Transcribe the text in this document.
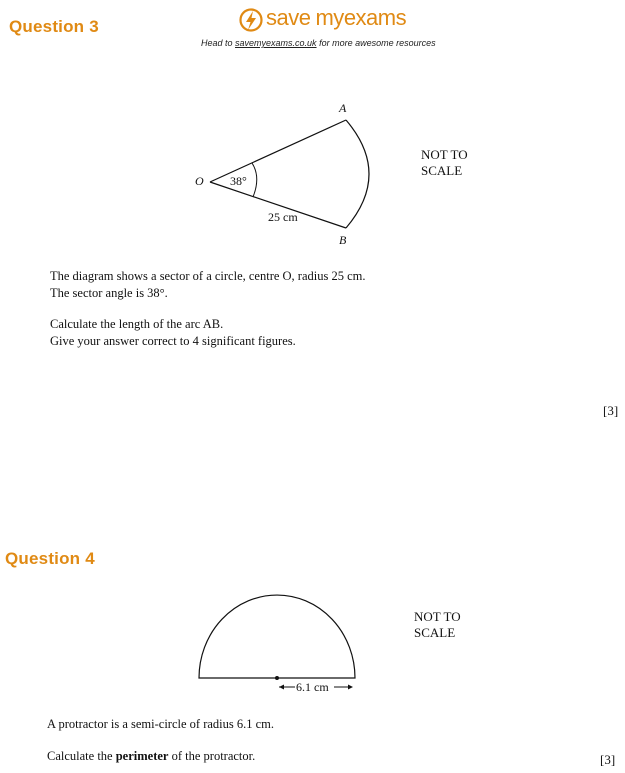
Question 3	save myexams
Head to savemyexams.co.uk for more awesome resources
A
O
B
38°
25 cm
NOT TO
SCALE
The diagram shows a sector of a circle, centre O, radius 25 cm.
The sector angle is 38°.
Calculate the length of the arc AB.
Give your answer correct to 4 significant figures.
[3]
Question 4
6.1 cm
NOT TO
SCALE
A protractor is a semi-circle of radius 6.1 cm.
Calculate the perimeter of the protractor.	[3]
